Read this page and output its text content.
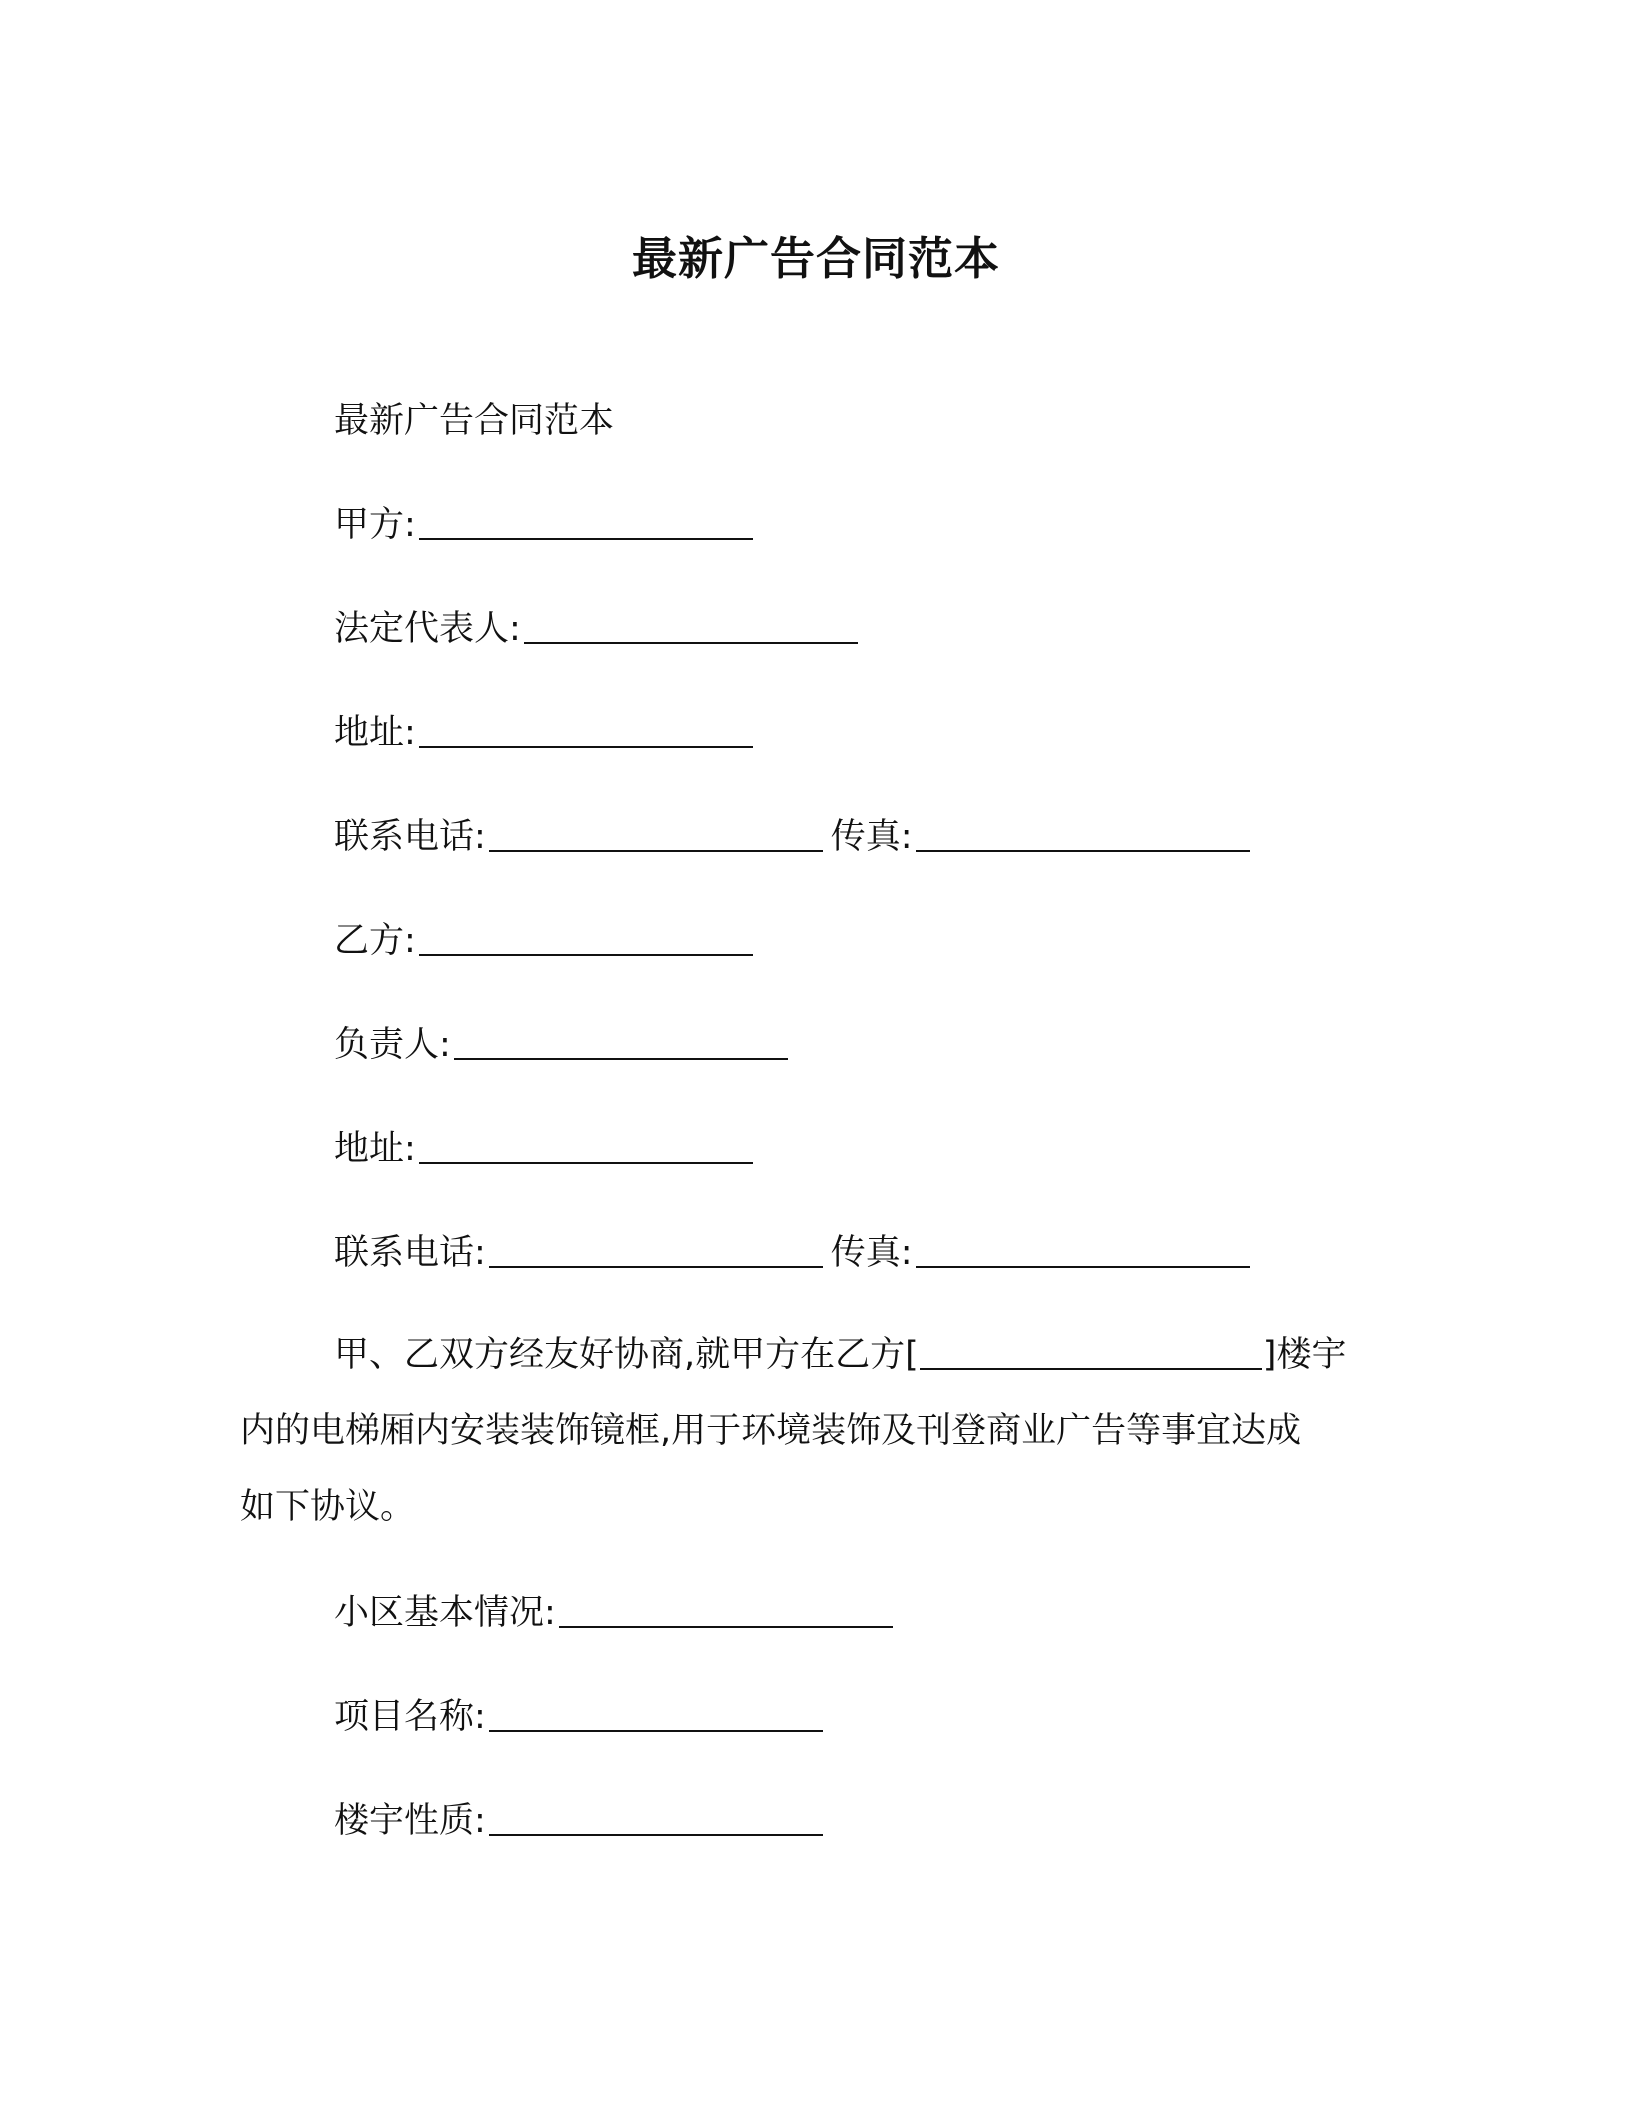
最新广告合同范本
最新广告合同范本
甲方:
法定代表人:
地址:
联系电话:	传真:
乙方:
负责人:
地址:
联系电话:	传真:
甲、乙双方经友好协商,就甲方在乙方[	]楼宇
内的电梯厢内安装装饰镜框,用于环境装饰及刊登商业广告等事宜达成
如下协议。
小区基本情况:
项目名称:
楼宇性质:
